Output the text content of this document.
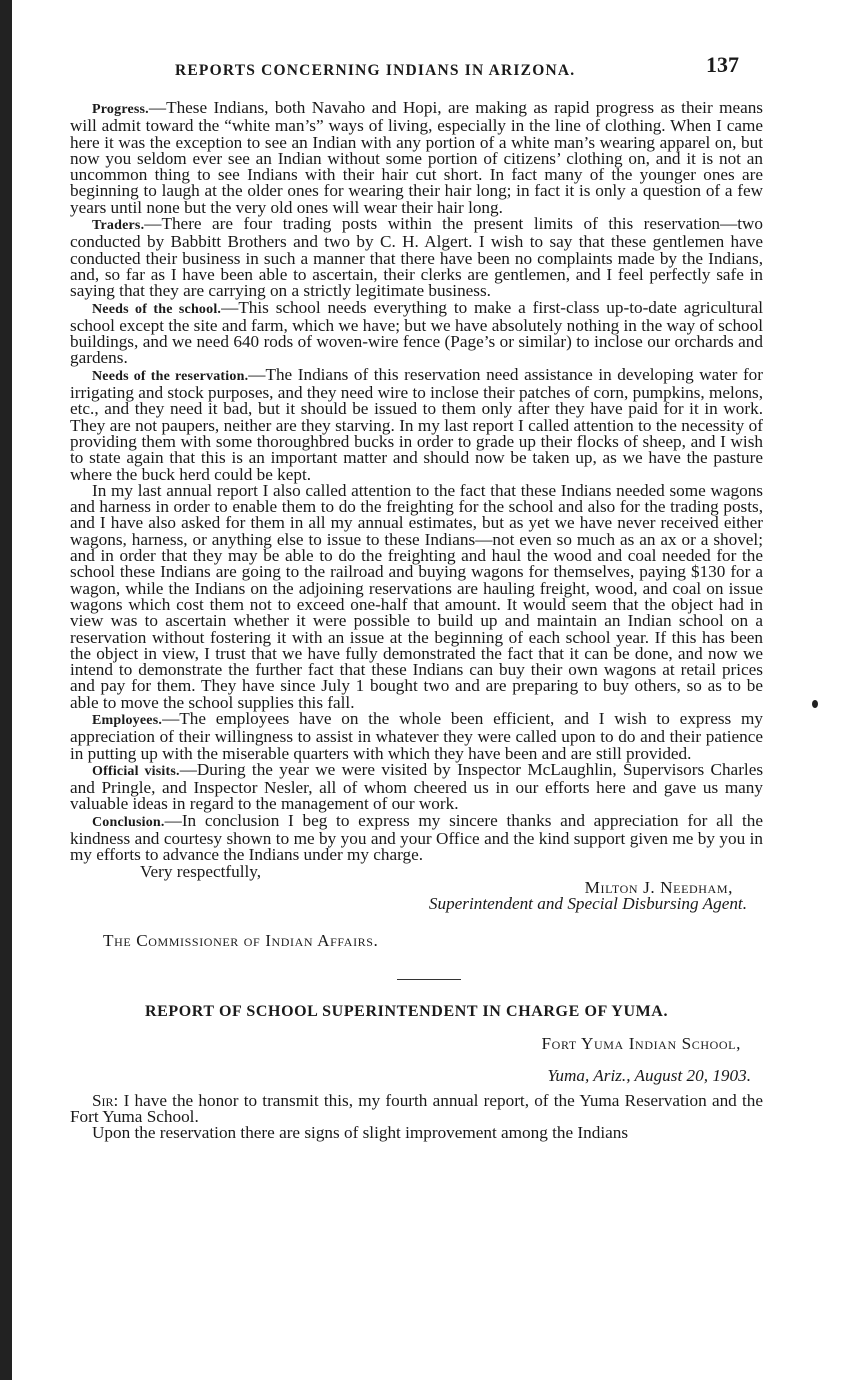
REPORTS CONCERNING INDIANS IN ARIZONA.	137

Progress.—These Indians, both Navaho and Hopi, are making as rapid progress as their means will admit toward the “white man’s” ways of living, especially in the line of clothing. When I came here it was the exception to see an Indian with any portion of a white man’s wearing apparel on, but now you seldom ever see an Indian without some portion of citizens’ clothing on, and it is not an uncommon thing to see Indians with their hair cut short. In fact many of the younger ones are beginning to laugh at the older ones for wearing their hair long; in fact it is only a question of a few years until none but the very old ones will wear their hair long.

Traders.—There are four trading posts within the present limits of this reservation—two conducted by Babbitt Brothers and two by C. H. Algert. I wish to say that these gentlemen have conducted their business in such a manner that there have been no complaints made by the Indians, and, so far as I have been able to ascertain, their clerks are gentlemen, and I feel perfectly safe in saying that they are carrying on a strictly legitimate business.

Needs of the school.—This school needs everything to make a first-class up-to-date agricultural school except the site and farm, which we have; but we have absolutely nothing in the way of school buildings, and we need 640 rods of woven-wire fence (Page’s or similar) to inclose our orchards and gardens.

Needs of the reservation.—The Indians of this reservation need assistance in developing water for irrigating and stock purposes, and they need wire to inclose their patches of corn, pumpkins, melons, etc., and they need it bad, but it should be issued to them only after they have paid for it in work. They are not paupers, neither are they starving. In my last report I called attention to the necessity of providing them with some thoroughbred bucks in order to grade up their flocks of sheep, and I wish to state again that this is an important matter and should now be taken up, as we have the pasture where the buck herd could be kept.

In my last annual report I also called attention to the fact that these Indians needed some wagons and harness in order to enable them to do the freighting for the school and also for the trading posts, and I have also asked for them in all my annual estimates, but as yet we have never received either wagons, harness, or anything else to issue to these Indians—not even so much as an ax or a shovel; and in order that they may be able to do the freighting and haul the wood and coal needed for the school these Indians are going to the railroad and buying wagons for themselves, paying $130 for a wagon, while the Indians on the adjoining reservations are hauling freight, wood, and coal on issue wagons which cost them not to exceed one-half that amount. It would seem that the object had in view was to ascertain whether it were possible to build up and maintain an Indian school on a reservation without fostering it with an issue at the beginning of each school year. If this has been the object in view, I trust that we have fully demonstrated the fact that it can be done, and now we intend to demonstrate the further fact that these Indians can buy their own wagons at retail prices and pay for them. They have since July 1 bought two and are preparing to buy others, so as to be able to move the school supplies this fall.

Employees.—The employees have on the whole been efficient, and I wish to express my appreciation of their willingness to assist in whatever they were called upon to do and their patience in putting up with the miserable quarters with which they have been and are still provided.

Official visits.—During the year we were visited by Inspector McLaughlin, Supervisors Charles and Pringle, and Inspector Nesler, all of whom cheered us in our efforts here and gave us many valuable ideas in regard to the management of our work.

Conclusion.—In conclusion I beg to express my sincere thanks and appreciation for all the kindness and courtesy shown to me by you and your Office and the kind support given me by you in my efforts to advance the Indians under my charge.

Very respectfully,

Milton J. Needham,

Superintendent and Special Disbursing Agent.

The Commissioner of Indian Affairs.

REPORT OF SCHOOL SUPERINTENDENT IN CHARGE OF YUMA.

Fort Yuma Indian School,

Yuma, Ariz., August 20, 1903.

Sir: I have the honor to transmit this, my fourth annual report, of the Yuma Reservation and the Fort Yuma School.

Upon the reservation there are signs of slight improvement among the Indians
